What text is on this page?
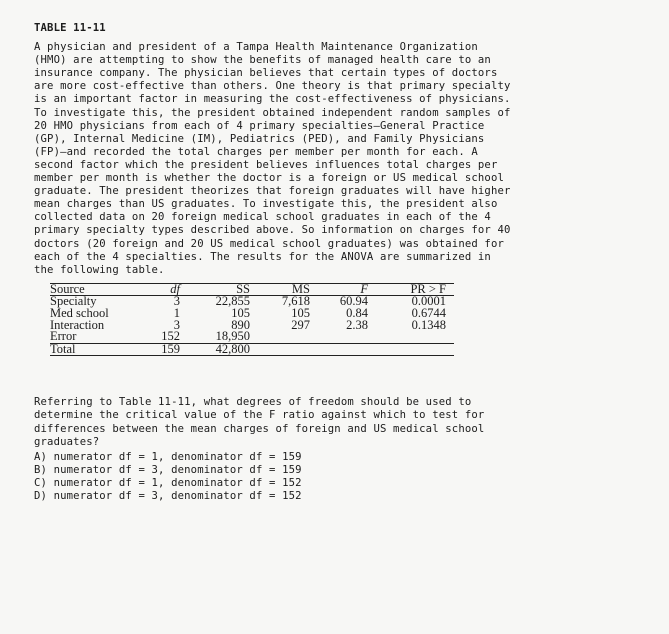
TABLE 11-11
A physician and president of a Tampa Health Maintenance Organization
(HMO) are attempting to show the benefits of managed health care to an
insurance company. The physician believes that certain types of doctors
are more cost-effective than others. One theory is that primary specialty
is an important factor in measuring the cost-effectiveness of physicians.
To investigate this, the president obtained independent random samples of
20 HMO physicians from each of 4 primary specialties—General Practice
(GP), Internal Medicine (IM), Pediatrics (PED), and Family Physicians
(FP)—and recorded the total charges per member per month for each. A
second factor which the president believes influences total charges per
member per month is whether the doctor is a foreign or US medical school
graduate. The president theorizes that foreign graduates will have higher
mean charges than US graduates. To investigate this, the president also
collected data on 20 foreign medical school graduates in each of the 4
primary specialty types described above. So information on charges for 40
doctors (20 foreign and 20 US medical school graduates) was obtained for
each of the 4 specialties. The results for the ANOVA are summarized in
the following table.
Source	df	SS	MS	F	PR > F
Specialty	3	22,855	7,618	60.94	0.0001
Med school	1	105	105	0.84	0.6744
Interaction	3	890	297	2.38	0.1348
Error	152	18,950			
Total	159	42,800			
Referring to Table 11-11, what degrees of freedom should be used to
determine the critical value of the F ratio against which to test for
differences between the mean charges of foreign and US medical school
graduates?
A) numerator df = 1, denominator df = 159
B) numerator df = 3, denominator df = 159
C) numerator df = 1, denominator df = 152
D) numerator df = 3, denominator df = 152
